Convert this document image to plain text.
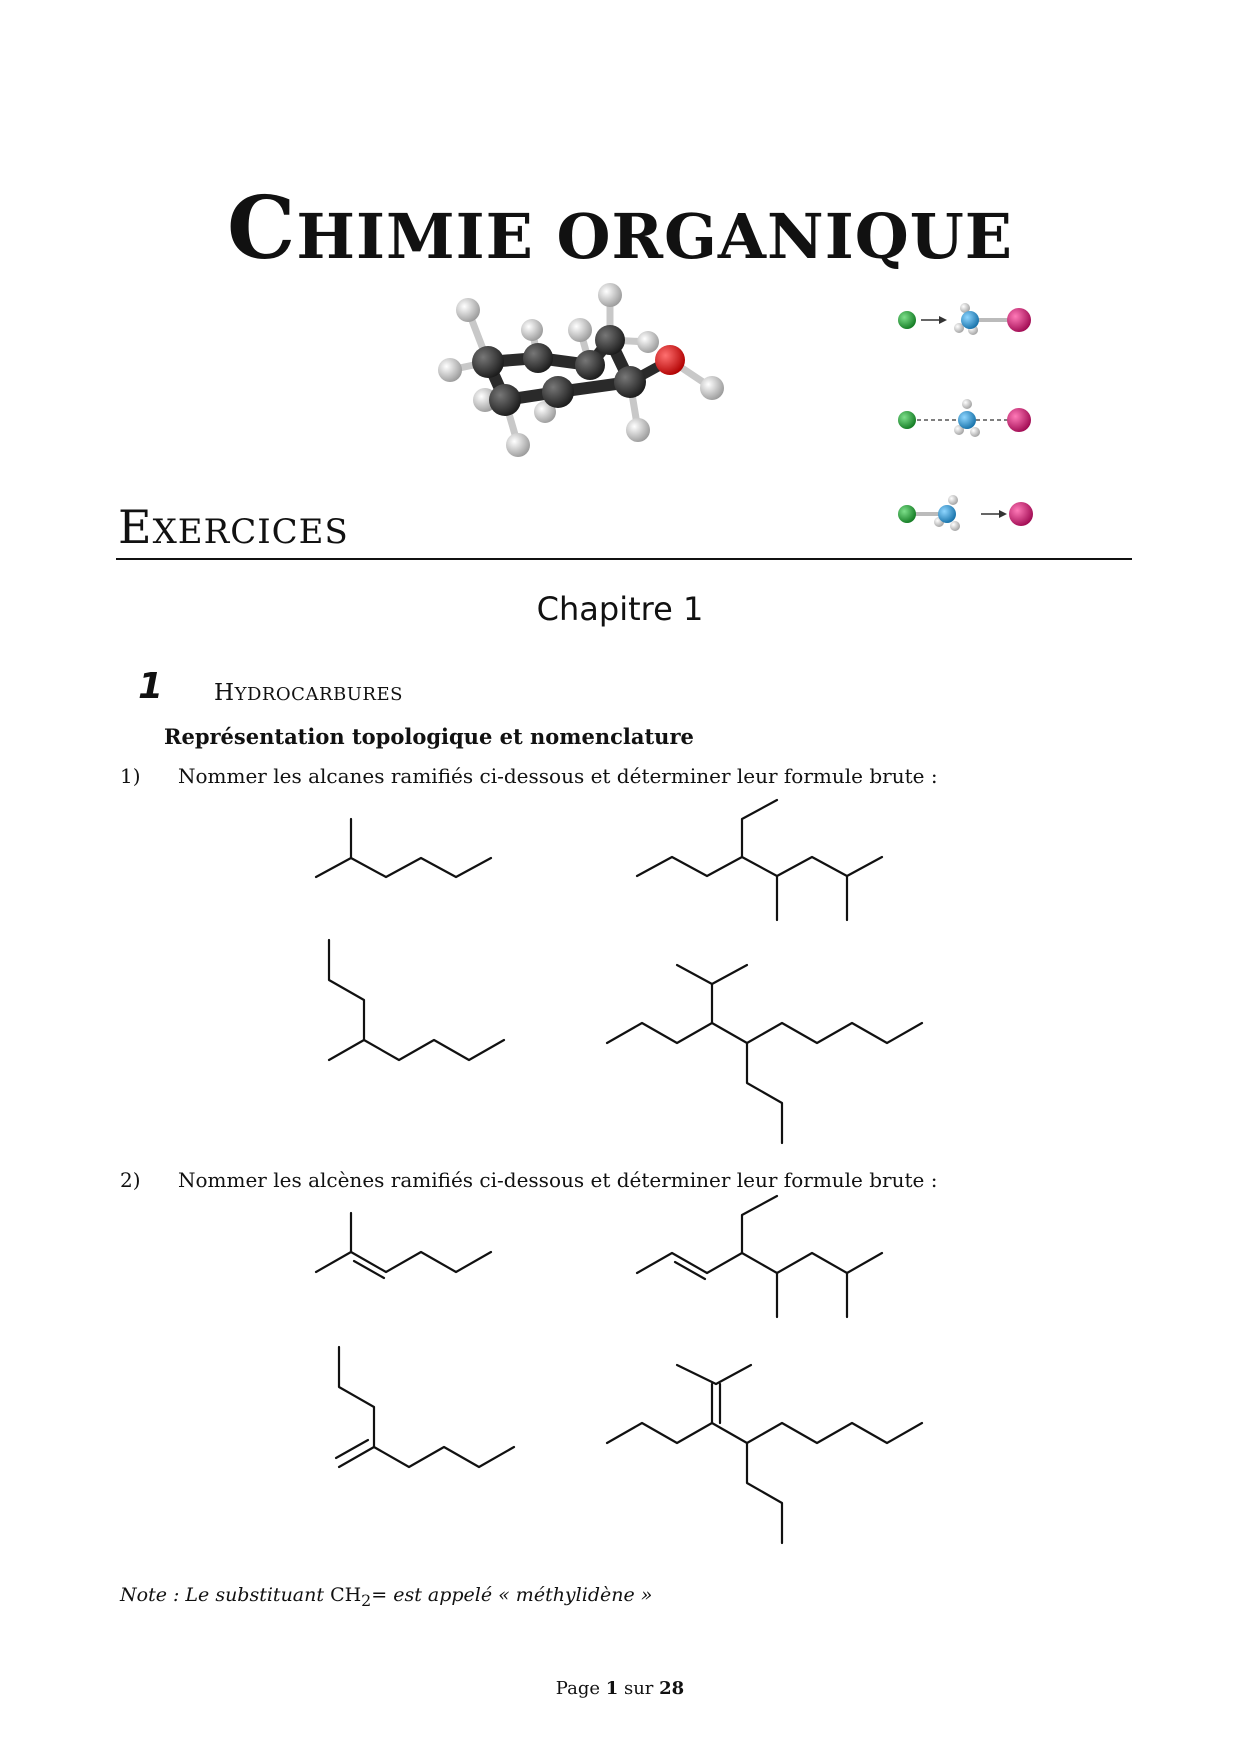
CHIMIE ORGANIQUE
EXERCICES
Chapitre 1
1 HYDROCARBURES
Représentation topologique et nomenclature
1) Nommer les alcanes ramifiés ci-dessous et déterminer leur formule brute :
2) Nommer les alcènes ramifiés ci-dessous et déterminer leur formule brute :
Note : Le substituant $CH_2=$ est appelé « méthylidène »
Page 1 sur 28
